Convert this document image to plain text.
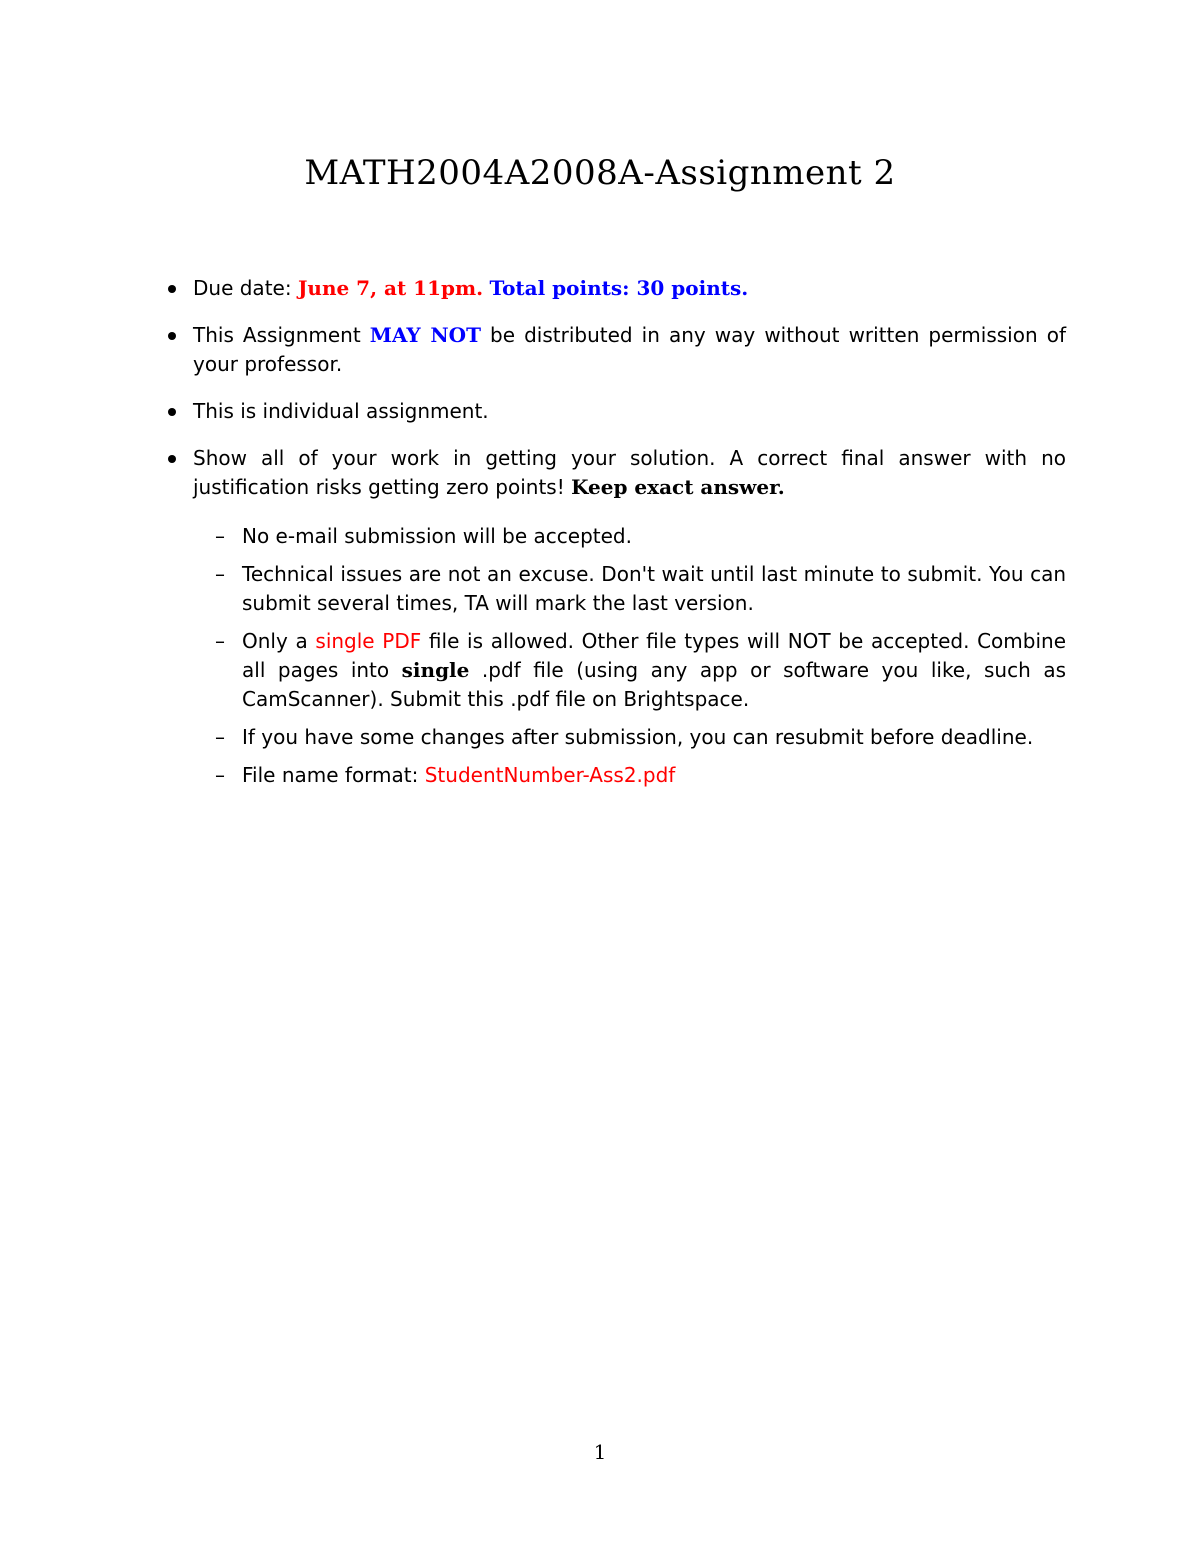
MATH2004A2008A-Assignment 2
Due date: June 7, at 11pm. Total points: 30 points.
This Assignment MAY NOT be distributed in any way without written permission of your professor.
This is individual assignment.
Show all of your work in getting your solution. A correct final answer with no justification risks getting zero points! Keep exact answer.
– No e-mail submission will be accepted.
– Technical issues are not an excuse. Don't wait until last minute to submit. You can submit several times, TA will mark the last version.
– Only a single PDF file is allowed. Other file types will NOT be accepted. Combine all pages into single .pdf file (using any app or software you like, such as CamScanner). Submit this .pdf file on Brightspace.
– If you have some changes after submission, you can resubmit before deadline.
– File name format: StudentNumber-Ass2.pdf
1
